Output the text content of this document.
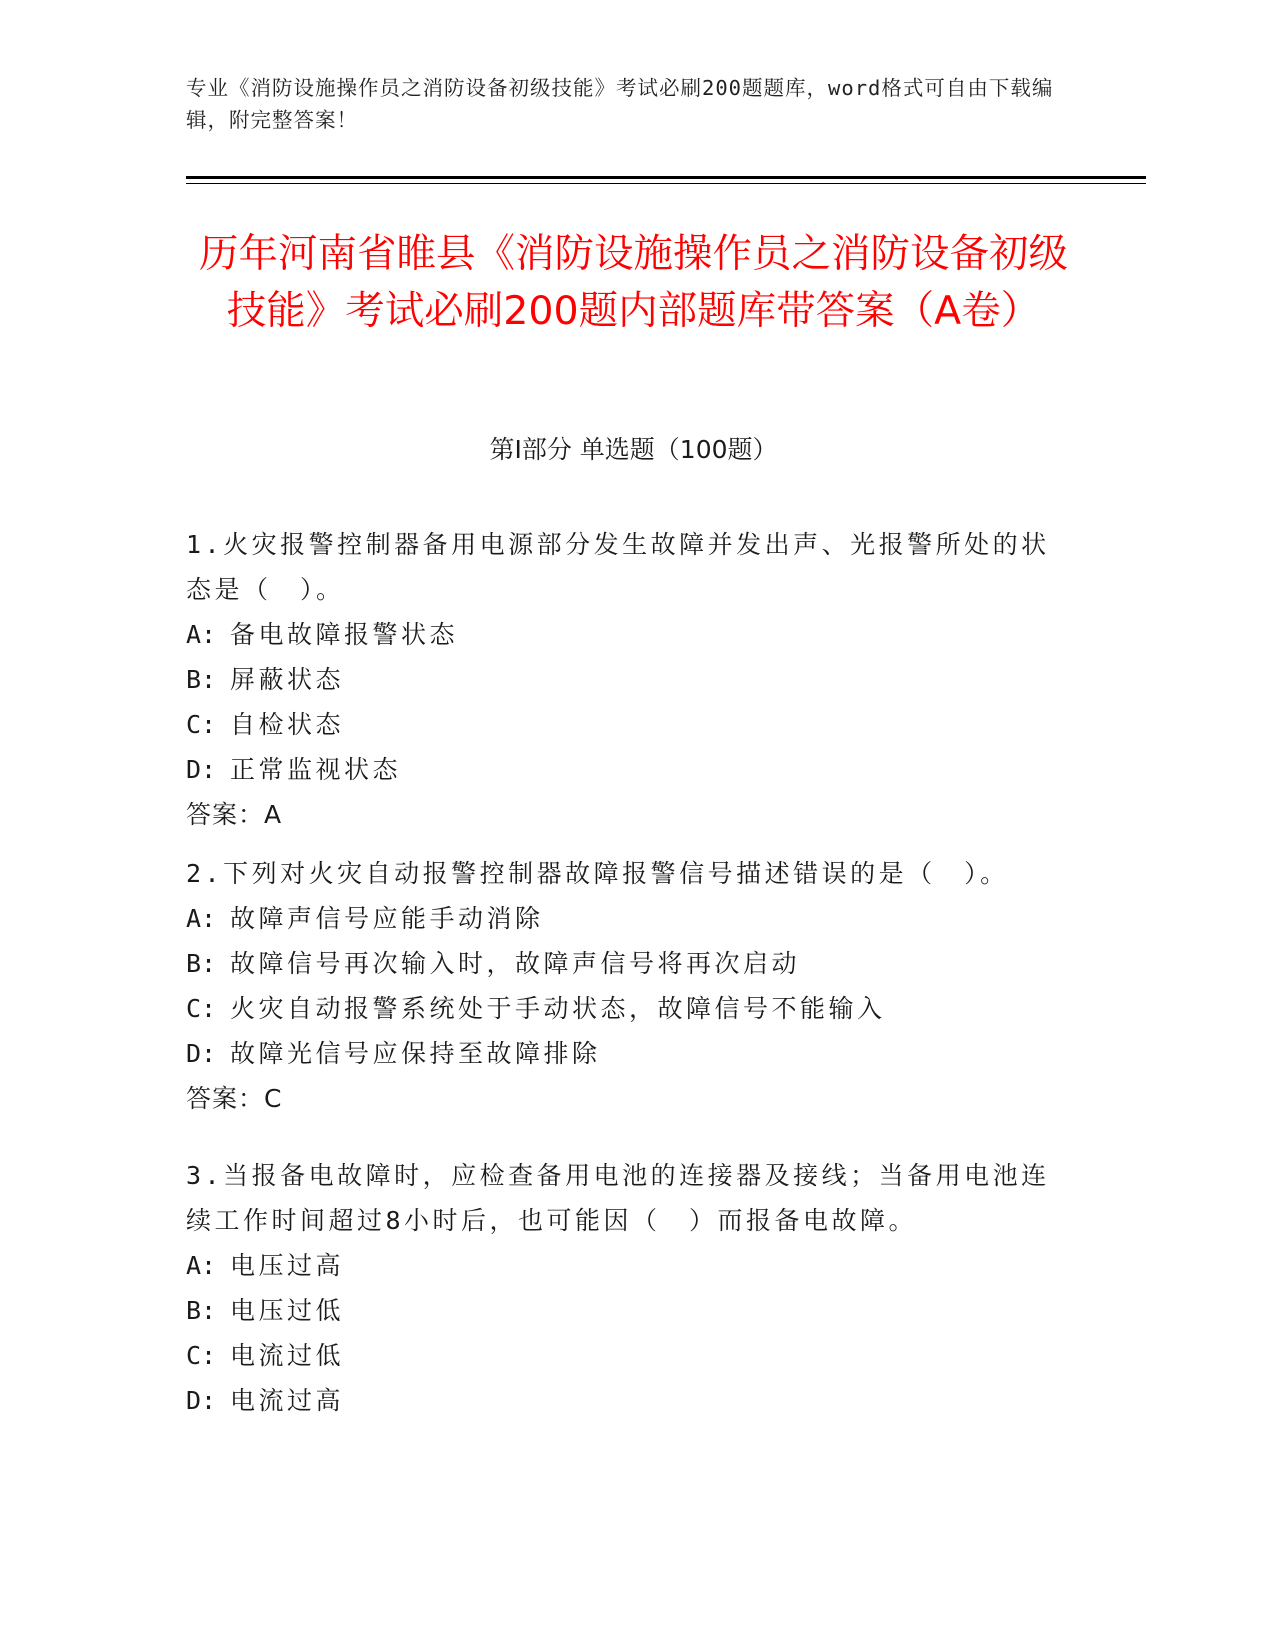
专业《消防设施操作员之消防设备初级技能》考试必刷200题题库，word格式可自由下载编辑，附完整答案！
历年河南省睢县《消防设施操作员之消防设备初级技能》考试必刷200题内部题库带答案（A卷）
第Ⅰ部分 单选题（100题）

1.火灾报警控制器备用电源部分发生故障并发出声、光报警所处的状态是（　）。

A: 备电故障报警状态

B: 屏蔽状态

C: 自检状态

D: 正常监视状态

答案：A

2.下列对火灾自动报警控制器故障报警信号描述错误的是（　）。

A: 故障声信号应能手动消除

B: 故障信号再次输入时，故障声信号将再次启动

C: 火灾自动报警系统处于手动状态，故障信号不能输入

D: 故障光信号应保持至故障排除

答案：C

3.当报备电故障时，应检查备用电池的连接器及接线；当备用电池连续工作时间超过8小时后，也可能因（　）而报备电故障。

A: 电压过高

B: 电压过低

C: 电流过低

D: 电流过高
